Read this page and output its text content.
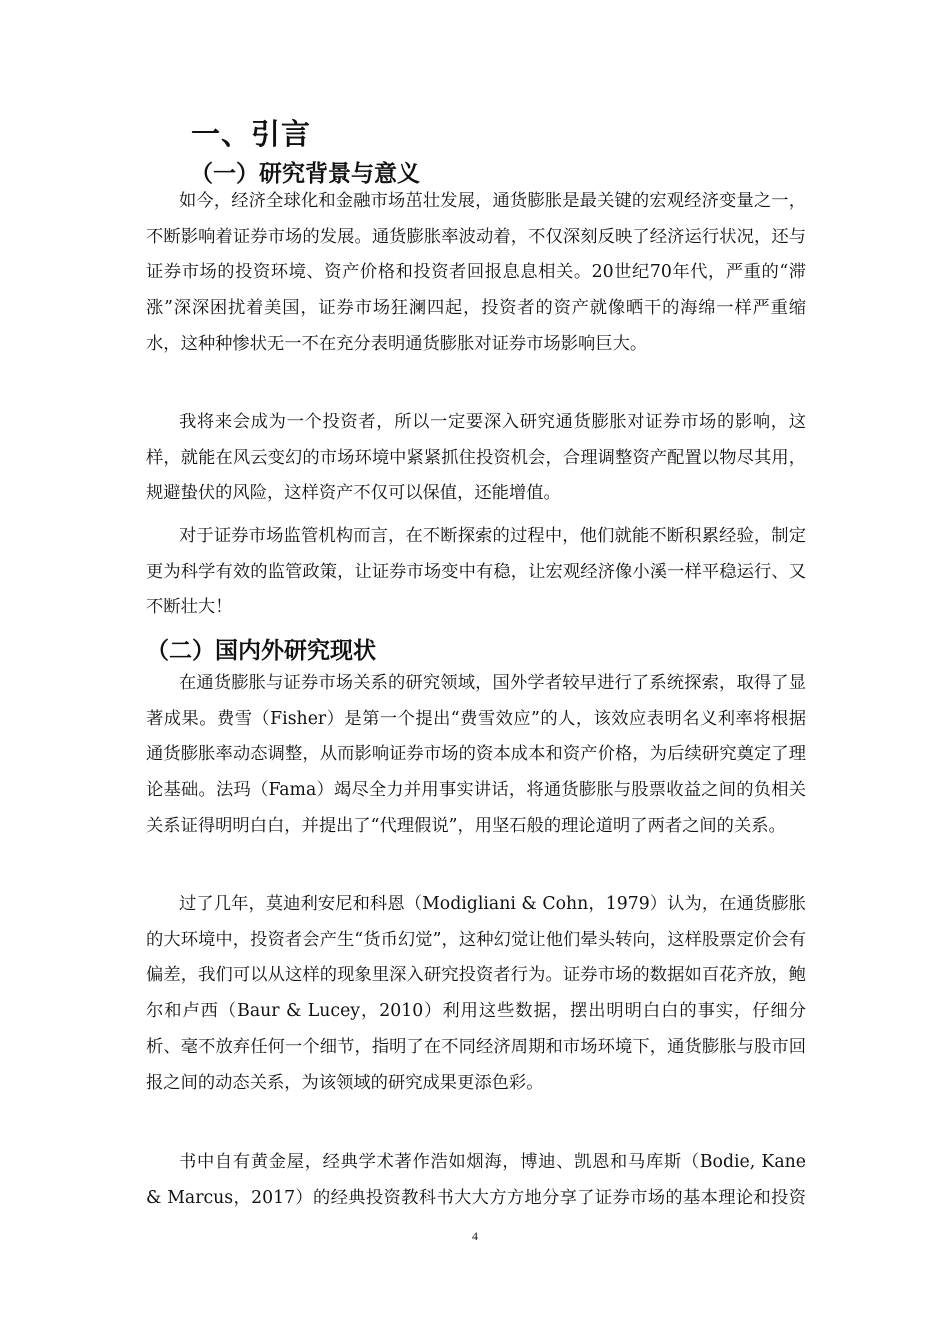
一、引言
（一）研究背景与意义

如今，经济全球化和金融市场茁壮发展，通货膨胀是最关键的宏观经济变量之一，不断影响着证券市场的发展。通货膨胀率波动着，不仅深刻反映了经济运行状况，还与证券市场的投资环境、资产价格和投资者回报息息相关。20世纪70年代，严重的“滞涨”深深困扰着美国，证券市场狂澜四起，投资者的资产就像晒干的海绵一样严重缩水，这种种惨状无一不在充分表明通货膨胀对证券市场影响巨大。

我将来会成为一个投资者，所以一定要深入研究通货膨胀对证券市场的影响，这样，就能在风云变幻的市场环境中紧紧抓住投资机会，合理调整资产配置以物尽其用，规避蛰伏的风险，这样资产不仅可以保值，还能增值。

对于证券市场监管机构而言，在不断探索的过程中，他们就能不断积累经验，制定更为科学有效的监管政策，让证券市场变中有稳，让宏观经济像小溪一样平稳运行、又不断壮大！

（二）国内外研究现状

在通货膨胀与证券市场关系的研究领域，国外学者较早进行了系统探索，取得了显著成果。费雪（Fisher）是第一个提出“费雪效应”的人，该效应表明名义利率将根据通货膨胀率动态调整，从而影响证券市场的资本成本和资产价格，为后续研究奠定了理论基础。法玛（Fama）竭尽全力并用事实讲话，将通货膨胀与股票收益之间的负相关关系证得明明白白，并提出了“代理假说”，用坚石般的理论道明了两者之间的关系。

过了几年，莫迪利安尼和科恩（Modigliani & Cohn，1979）认为，在通货膨胀的大环境中，投资者会产生“货币幻觉”，这种幻觉让他们晕头转向，这样股票定价会有偏差，我们可以从这样的现象里深入研究投资者行为。证券市场的数据如百花齐放，鲍尔和卢西（Baur & Lucey，2010）利用这些数据，摆出明明白白的事实，仔细分析、毫不放弃任何一个细节，指明了在不同经济周期和市场环境下，通货膨胀与股市回报之间的动态关系，为该领域的研究成果更添色彩。

书中自有黄金屋，经典学术著作浩如烟海，博迪、凯恩和马库斯（Bodie, Kane & Marcus，2017）的经典投资教科书大大方方地分享了证券市场的基本理论和投资

4
